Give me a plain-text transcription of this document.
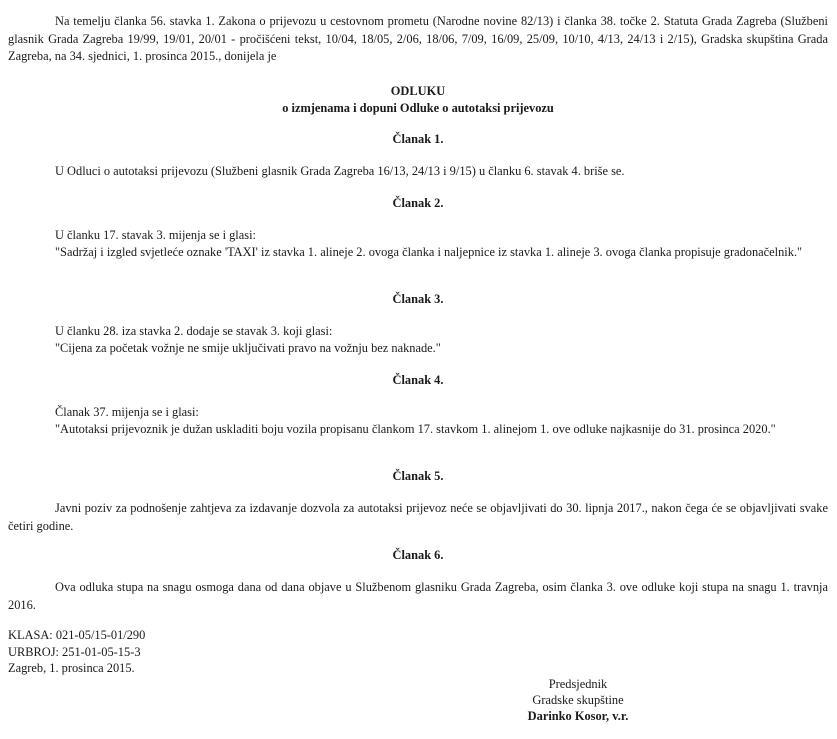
Na temelju članka 56. stavka 1. Zakona o prijevozu u cestovnom prometu (Narodne novine 82/13) i članka 38. točke 2. Statuta Grada Zagreba (Službeni glasnik Grada Zagreba 19/99, 19/01, 20/01 - pročišćeni tekst, 10/04, 18/05, 2/06, 18/06, 7/09, 16/09, 25/09, 10/10, 4/13, 24/13 i 2/15), Gradska skupština Grada Zagreba, na 34. sjednici, 1. prosinca 2015., donijela je

ODLUKU

o izmjenama i dopuni Odluke o autotaksi prijevozu

Članak 1.

U Odluci o autotaksi prijevozu (Službeni glasnik Grada Zagreba 16/13, 24/13 i 9/15) u članku 6. stavak 4. briše se.

Članak 2.

U članku 17. stavak 3. mijenja se i glasi:

"Sadržaj i izgled svjetleće oznake 'TAXI' iz stavka 1. alineje 2. ovoga članka i naljepnice iz stavka 1. alineje 3. ovoga članka propisuje gradonačelnik."

Članak 3.

U članku 28. iza stavka 2. dodaje se stavak 3. koji glasi:

"Cijena za početak vožnje ne smije uključivati pravo na vožnju bez naknade."

Članak 4.

Članak 37. mijenja se i glasi:

"Autotaksi prijevoznik je dužan uskladiti boju vozila propisanu člankom 17. stavkom 1. alinejom 1. ove odluke najkasnije do 31. prosinca 2020."

Članak 5.

Javni poziv za podnošenje zahtjeva za izdavanje dozvola za autotaksi prijevoz neće se objavljivati do 30. lipnja 2017., nakon čega će se objavljivati svake četiri godine.

Članak 6.

Ova odluka stupa na snagu osmoga dana od dana objave u Službenom glasniku Grada Zagreba, osim članka 3. ove odluke koji stupa na snagu 1. travnja 2016.

KLASA: 021-05/15-01/290

URBROJ: 251-01-05-15-3

Zagreb, 1. prosinca 2015.

Predsjednik

Gradske skupštine

Darinko Kosor, v.r.
